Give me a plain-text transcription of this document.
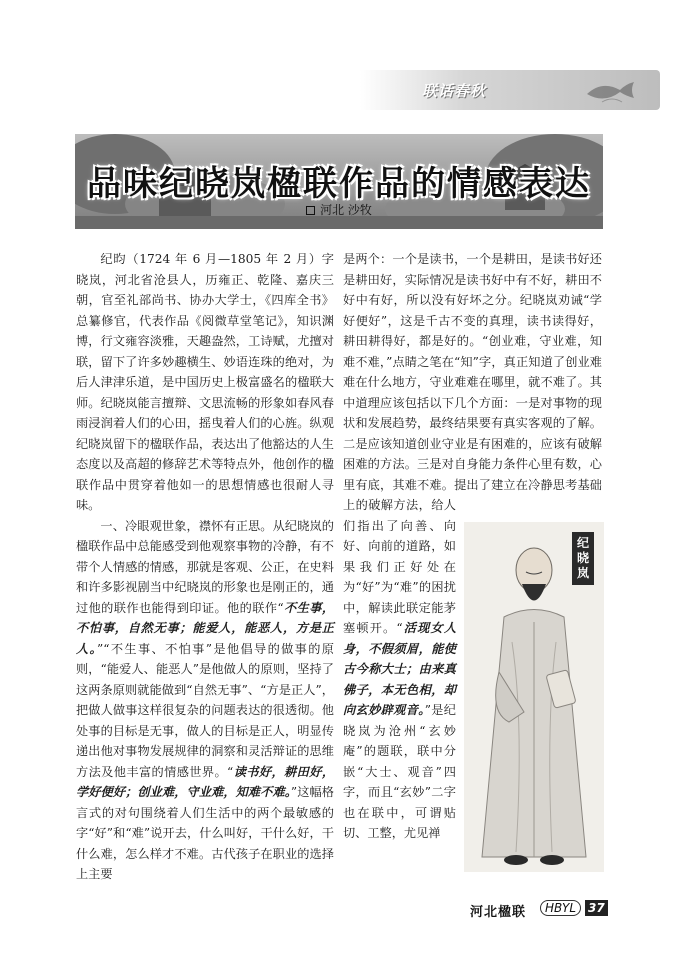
联话春秋
品味纪晓岚楹联作品的情感表达
河北 沙牧

纪昀（1724 年 6 月—1805 年 2 月）字晓岚，河北省沧县人，历雍正、乾隆、嘉庆三朝，官至礼部尚书、协办大学士，《四库全书》总纂修官，代表作品《阅微草堂笔记》，知识渊博，行文雍容淡雅，天趣盎然，工诗赋，尤擅对联，留下了许多妙趣横生、妙语连珠的绝对，为后人津津乐道，是中国历史上极富盛名的楹联大师。纪晓岚能言擅辩、文思流畅的形象如春风春雨浸润着人们的心田，摇曳着人们的心旌。纵观纪晓岚留下的楹联作品，表达出了他豁达的人生态度以及高超的修辞艺术等特点外，他创作的楹联作品中贯穿着他如一的思想情感也很耐人寻味。

一、冷眼观世象，襟怀有正思。从纪晓岚的楹联作品中总能感受到他观察事物的冷静，有不带个人情感的情感，那就是客观、公正，在史料和许多影视剧当中纪晓岚的形象也是刚正的，通过他的联作也能得到印证。他的联作“不生事，不怕事，自然无事；能爱人，能恶人，方是正人。”“不生事、不怕事”是他倡导的做事的原则，“能爱人、能恶人”是他做人的原则，坚持了这两条原则就能做到“自然无事”、“方是正人”，把做人做事这样很复杂的问题表达的很透彻。他处事的目标是无事，做人的目标是正人，明显传递出他对事物发展规律的洞察和灵活辩证的思维方法及他丰富的情感世界。“读书好，耕田好，学好便好；创业难，守业难，知难不难。”这幅格言式的对句围绕着人们生活中的两个最敏感的字“好”和“难”说开去，什么叫好，干什么好，干什么难，怎么样才不难。古代孩子在职业的选择上主要

是两个：一个是读书，一个是耕田，是读书好还是耕田好，实际情况是读书好中有不好，耕田不好中有好，所以没有好坏之分。纪晓岚劝诫“学好便好”，这是千古不变的真理，读书读得好，耕田耕得好，都是好的。“创业难，守业难，知难不难，”点睛之笔在“知”字，真正知道了创业难难在什么地方，守业难难在哪里，就不难了。其中道理应该包括以下几个方面：一是对事物的现状和发展趋势，最终结果要有真实客观的了解。二是应该知道创业守业是有困难的，应该有破解困难的方法。三是对自身能力条件心里有数，心里有底，其难不难。提出了建立在冷静思考基础上的破解方法，给人们指出了向善、向好、向前的道路，如果我们正好处在为“好”为“难”的困扰中，解读此联定能茅塞顿开。“活现女人身，不假须眉，能使古今称大士；由来真佛子，本无色相，却向玄妙辟观音。”是纪晓岚为沧州“玄妙庵”的题联，联中分嵌“大士、观音”四字，而且“玄妙”二字也在联中，可谓贴切、工整，尤见禅

纪晓岚
河北楹联	HBYL 37
